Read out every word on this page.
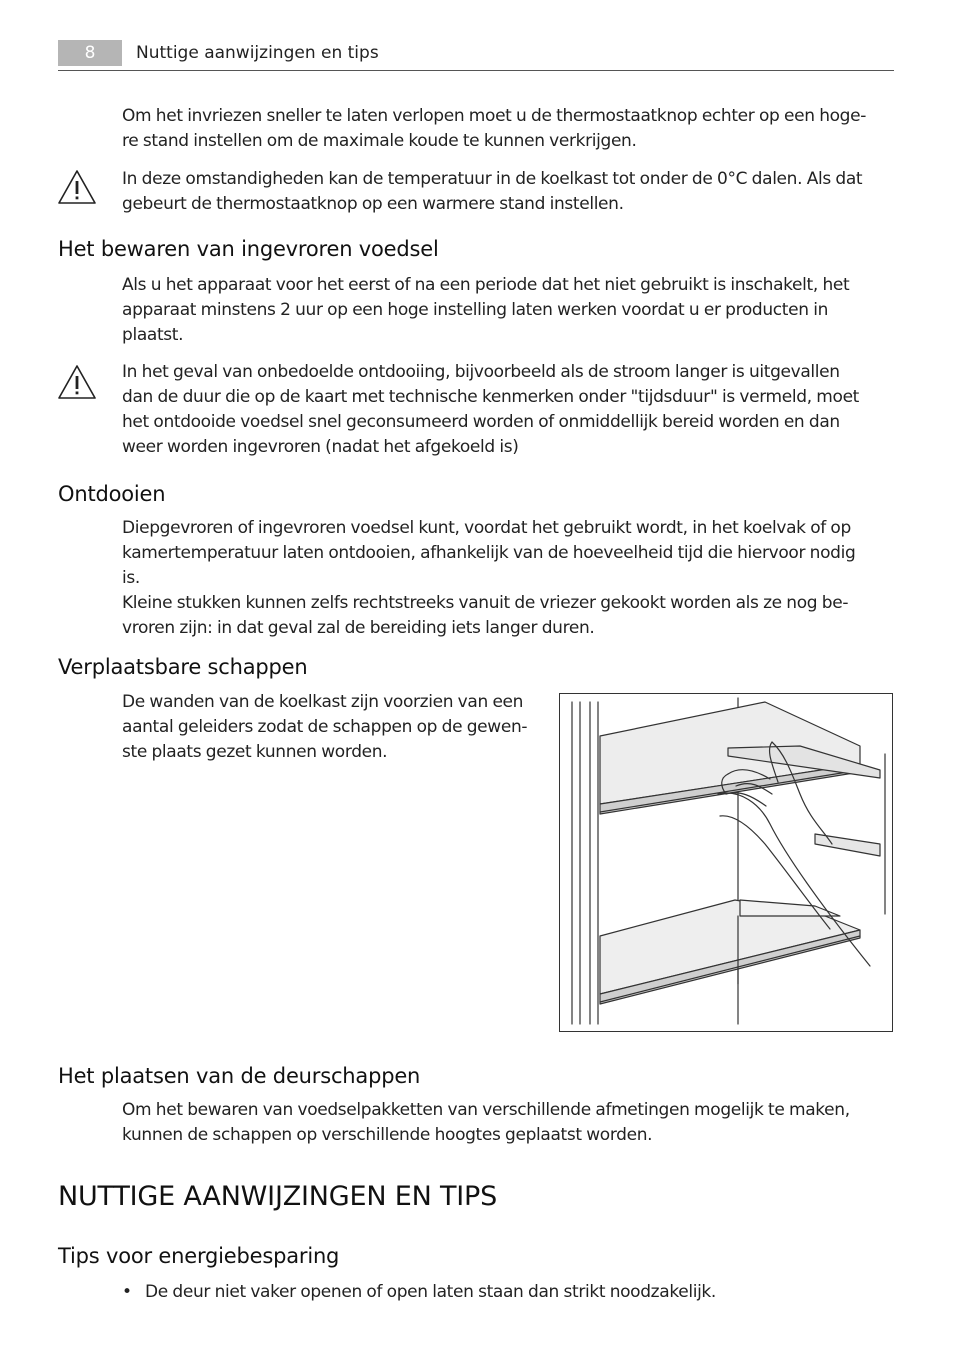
8	Nuttige aanwijzingen en tips

Om het invriezen sneller te laten verlopen moet u de thermostaatknop echter op een hoge-

re stand instellen om de maximale koude te kunnen verkrijgen.

In deze omstandigheden kan de temperatuur in de koelkast tot onder de 0°C dalen. Als dat

gebeurt de thermostaatknop op een warmere stand instellen.

Het bewaren van ingevroren voedsel

Als u het apparaat voor het eerst of na een periode dat het niet gebruikt is inschakelt, het

apparaat minstens 2 uur op een hoge instelling laten werken voordat u er producten in

plaatst.

In het geval van onbedoelde ontdooiing, bijvoorbeeld als de stroom langer is uitgevallen

dan de duur die op de kaart met technische kenmerken onder "tijdsduur" is vermeld, moet

het ontdooide voedsel snel geconsumeerd worden of onmiddellijk bereid worden en dan

weer worden ingevroren (nadat het afgekoeld is)

Ontdooien

Diepgevroren of ingevroren voedsel kunt, voordat het gebruikt wordt, in het koelvak of op

kamertemperatuur laten ontdooien, afhankelijk van de hoeveelheid tijd die hiervoor nodig

is.

Kleine stukken kunnen zelfs rechtstreeks vanuit de vriezer gekookt worden als ze nog be-

vroren zijn: in dat geval zal de bereiding iets langer duren.

Verplaatsbare schappen

De wanden van de koelkast zijn voorzien van een

aantal geleiders zodat de schappen op de gewen-

ste plaats gezet kunnen worden.

Het plaatsen van de deurschappen

Om het bewaren van voedselpakketten van verschillende afmetingen mogelijk te maken,

kunnen de schappen op verschillende hoogtes geplaatst worden.

NUTTIGE AANWIJZINGEN EN TIPS
Tips voor energiebesparing
• De deur niet vaker openen of open laten staan dan strikt noodzakelijk.
